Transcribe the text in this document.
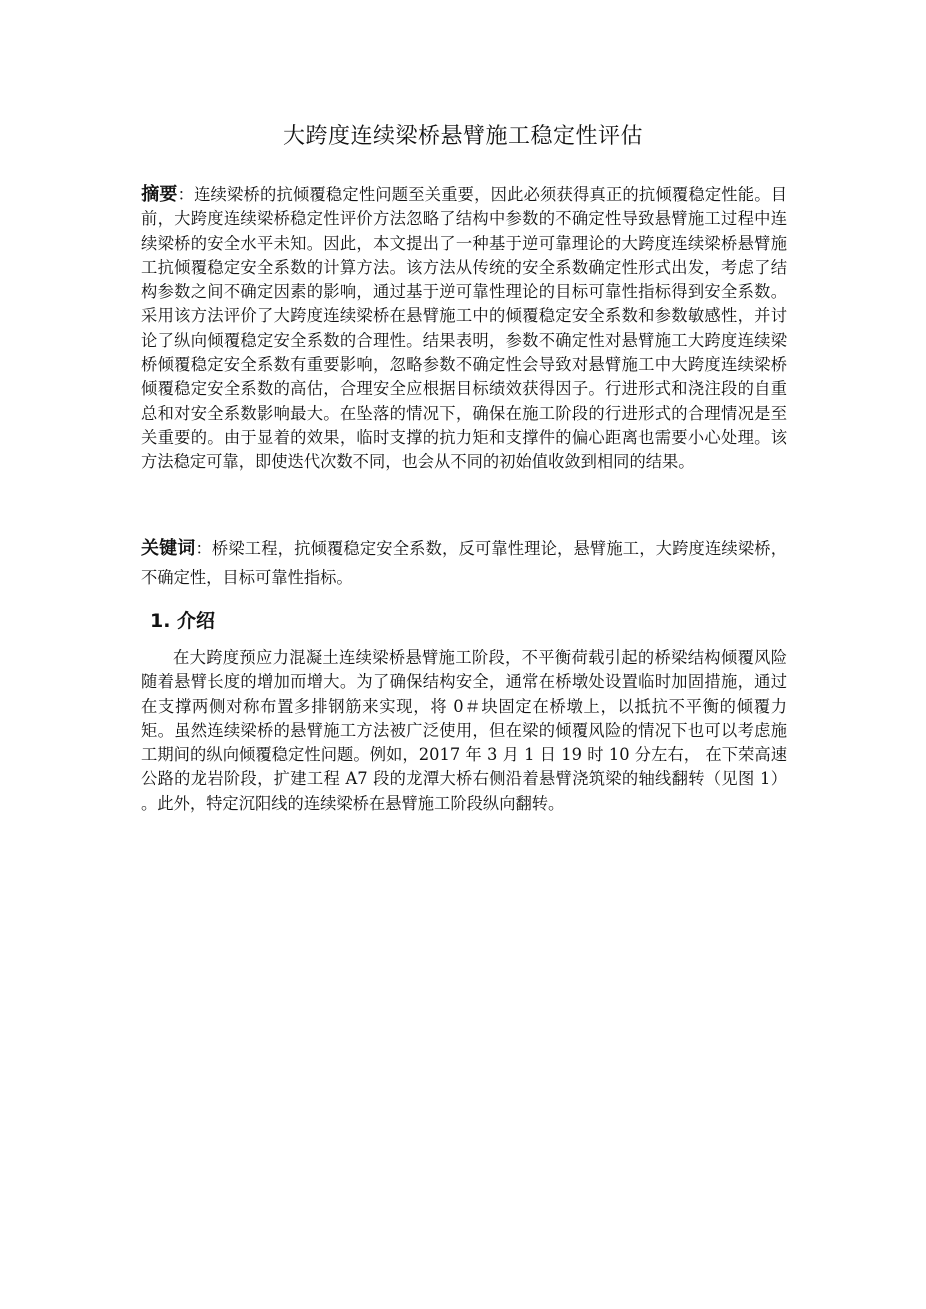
大跨度连续梁桥悬臂施工稳定性评估

摘要：连续梁桥的抗倾覆稳定性问题至关重要，因此必须获得真正的抗倾覆稳定性能。目前，大跨度连续梁桥稳定性评价方法忽略了结构中参数的不确定性导致悬臂施工过程中连续梁桥的安全水平未知。因此，本文提出了一种基于逆可靠理论的大跨度连续梁桥悬臂施工抗倾覆稳定安全系数的计算方法。该方法从传统的安全系数确定性形式出发，考虑了结构参数之间不确定因素的影响，通过基于逆可靠性理论的目标可靠性指标得到安全系数。采用该方法评价了大跨度连续梁桥在悬臂施工中的倾覆稳定安全系数和参数敏感性，并讨论了纵向倾覆稳定安全系数的合理性。结果表明，参数不确定性对悬臂施工大跨度连续梁桥倾覆稳定安全系数有重要影响，忽略参数不确定性会导致对悬臂施工中大跨度连续梁桥倾覆稳定安全系数的高估，合理安全应根据目标绩效获得因子。行进形式和浇注段的自重总和对安全系数影响最大。在坠落的情况下，确保在施工阶段的行进形式的合理情况是至关重要的。由于显着的效果，临时支撑的抗力矩和支撑件的偏心距离也需要小心处理。该方法稳定可靠，即使迭代次数不同，也会从不同的初始值收敛到相同的结果。

关键词：桥梁工程，抗倾覆稳定安全系数，反可靠性理论，悬臂施工，大跨度连续梁桥，不确定性，目标可靠性指标。

1. 介绍

在大跨度预应力混凝土连续梁桥悬臂施工阶段，不平衡荷载引起的桥梁结构倾覆风险随着悬臂长度的增加而增大。为了确保结构安全，通常在桥墩处设置临时加固措施，通过在支撑两侧对称布置多排钢筋来实现，将 0＃块固定在桥墩上，以抵抗不平衡的倾覆力矩。虽然连续梁桥的悬臂施工方法被广泛使用，但在梁的倾覆风险的情况下也可以考虑施工期间的纵向倾覆稳定性问题。例如，2017 年 3 月 1 日 19 时 10 分左右， 在下荣高速公路的龙岩阶段，扩建工程 A7 段的龙潭大桥右侧沿着悬臂浇筑梁的轴线翻转（见图 1） 。此外，特定沉阳线的连续梁桥在悬臂施工阶段纵向翻转。
